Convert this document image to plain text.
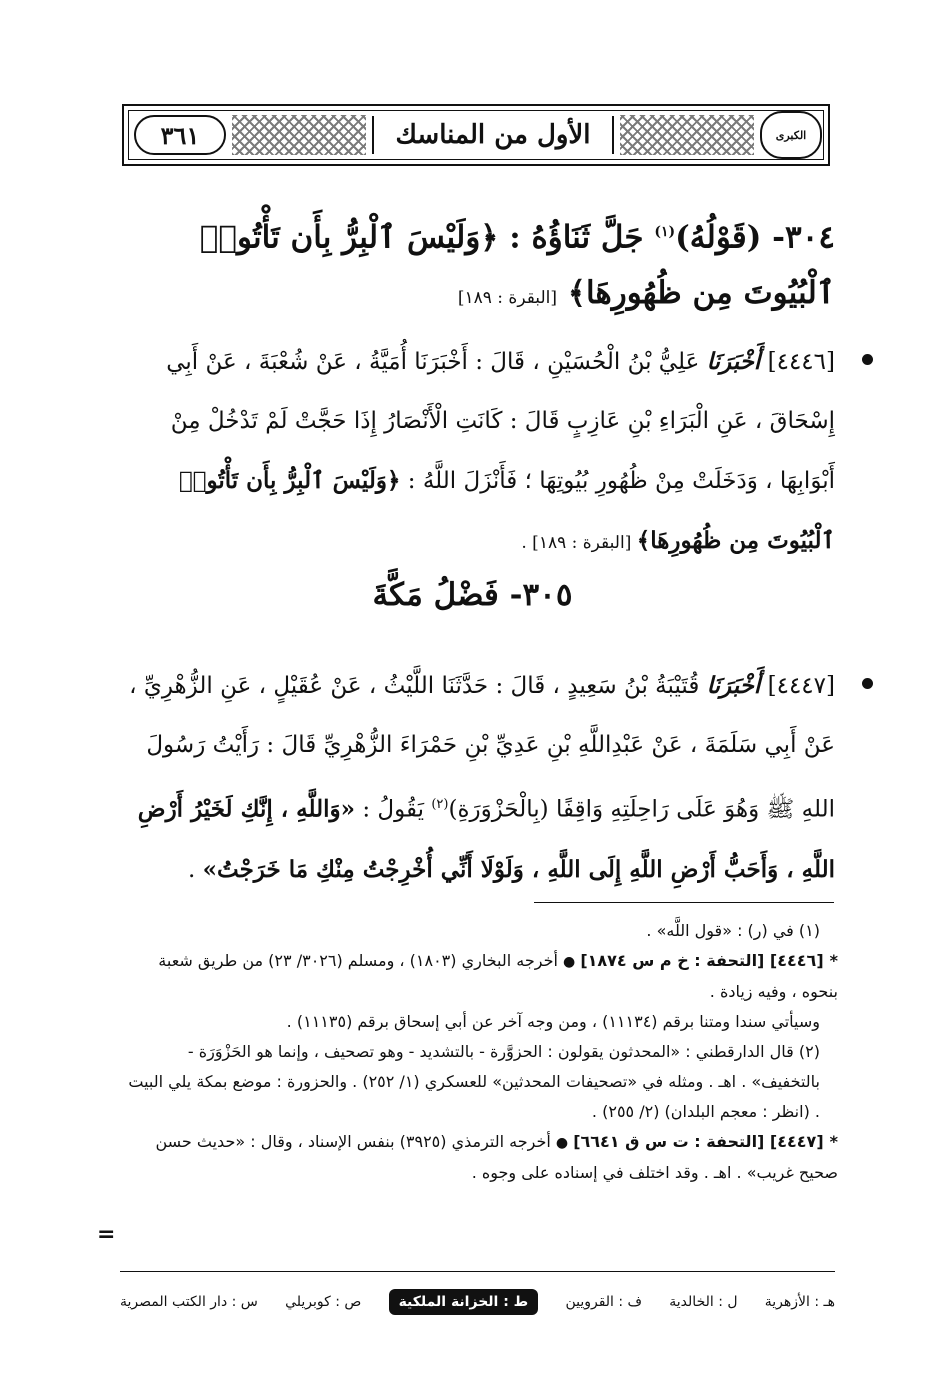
٣٦١	الأول من المناسك	الكبرى
٣٠٤- (قَوْلُهُ)$^{(١)}$ جَلَّ ثَنَاؤُهُ : ﴿وَلَيْسَ ٱلْبِرُّ بِأَن تَأْتُوا۟ ٱلْبُيُوتَ مِن ظُهُورِهَا﴾ [البقرة : ١٨٩]
[٤٤٤٦] أَخْبَرَنَا عَلِيُّ بْنُ الْحُسَيْنِ ، قَالَ : أَخْبَرَنَا أُمَيَّةُ ، عَنْ شُعْبَةَ ، عَنْ أَبِي إِسْحَاقَ ، عَنِ الْبَرَاءِ بْنِ عَازِبٍ قَالَ : كَانَتِ الْأَنْصَارُ إِذَا حَجَّتْ لَمْ تَدْخُلْ مِنْ أَبْوَابِهَا ، وَدَخَلَتْ مِنْ ظُهُورِ بُيُوتِهَا ؛ فَأَنْزَلَ اللَّهُ : ﴿وَلَيْسَ ٱلْبِرُّ بِأَن تَأْتُوا۟ ٱلْبُيُوتَ مِن ظُهُورِهَا﴾ [البقرة : ١٨٩] .
٣٠٥- فَضْلُ مَكَّةَ
[٤٤٤٧] أَخْبَرَنَا قُتَيْبَةُ بْنُ سَعِيدٍ ، قَالَ : حَدَّثَنَا اللَّيْثُ ، عَنْ عُقَيْلٍ ، عَنِ الزُّهْرِيِّ ، عَنْ أَبِي سَلَمَةَ ، عَنْ عَبْدِاللَّهِ بْنِ عَدِيِّ بْنِ حَمْرَاءَ الزُّهْرِيِّ قَالَ : رَأَيْتُ رَسُولَ اللهِ ﷺ وَهُوَ عَلَى رَاحِلَتِهِ وَاقِفًا (بِالْحَزْوَرَةِ)$^{(٢)}$ يَقُولُ : «وَاللَّهِ ، إِنَّكِ لَخَيْرُ أَرْضِ اللَّهِ ، وَأَحَبُّ أَرْضِ اللَّهِ إِلَى اللَّهِ ، وَلَوْلَا أَنِّي أُخْرِجْتُ مِنْكِ مَا خَرَجْتُ» .

(١) في (ر) : «قول اللَّه» .

*[٤٤٤٦] [التحفة : خ م س ١٨٧٤] ● أخرجه البخاري (١٨٠٣) ، ومسلم (٣٠٢٦/ ٢٣) من طريق شعبة بنحوه ، وفيه زيادة .

وسيأتي سندا ومتنا برقم (١١١٣٤) ، ومن وجه آخر عن أبي إسحاق برقم (١١١٣٥) .

(٢) قال الدارقطني : «المحدثون يقولون : الحزوَّرة - بالتشديد - وهو تصحيف ، وإنما هو الحَزْوَرَة - بالتخفيف» . اهـ . ومثله في «تصحيفات المحدثين» للعسكري (١/ ٢٥٢) . والحزورة : موضع بمكة يلي البيت . (انظر : معجم البلدان) (٢/ ٢٥٥) .

*[٤٤٤٧] [التحفة : ت س ق ٦٦٤١] ● أخرجه الترمذي (٣٩٢٥) بنفس الإسناد ، وقال : «حديث حسن صحيح غريب» . اهـ . وقد اختلف في إسناده على وجوه .

=
س : دار الكتب المصرية ص : كوبريلي	ط : الخزانة الملكية	ف : القرويين ل : الخالدية هـ : الأزهرية
